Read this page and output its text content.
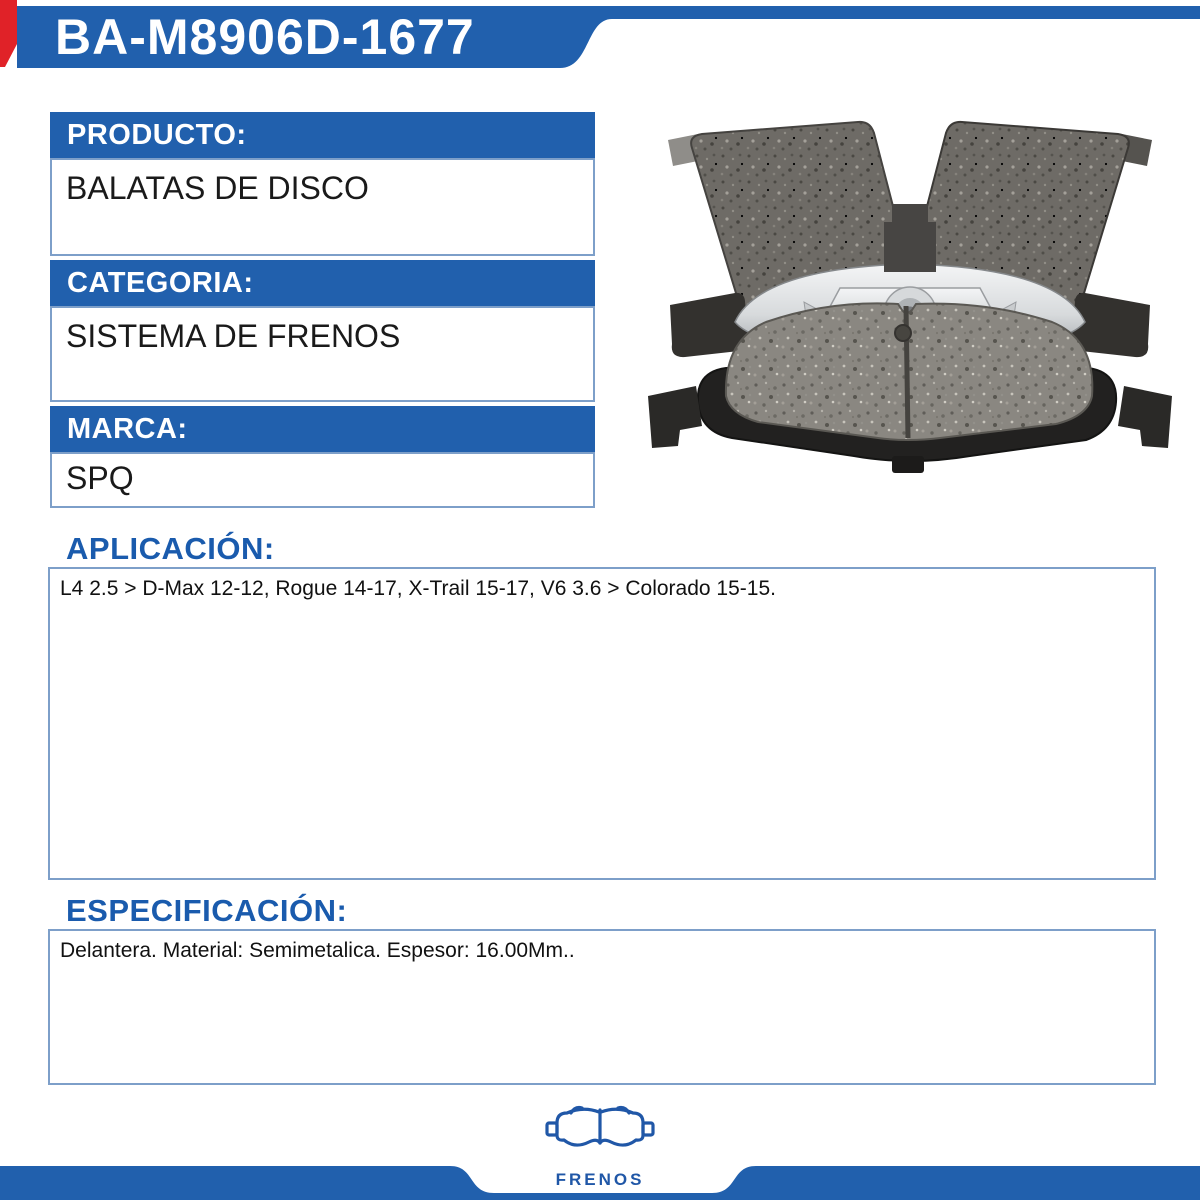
BA-M8906D-1677
PRODUCTO:
BALATAS DE DISCO
CATEGORIA:
SISTEMA DE FRENOS
MARCA:
SPQ
APLICACIÓN:
L4 2.5 > D-Max 12-12, Rogue 14-17, X-Trail 15-17, V6 3.6 > Colorado 15-15.
ESPECIFICACIÓN:
Delantera. Material: Semimetalica. Espesor: 16.00Mm..
FRENOS
